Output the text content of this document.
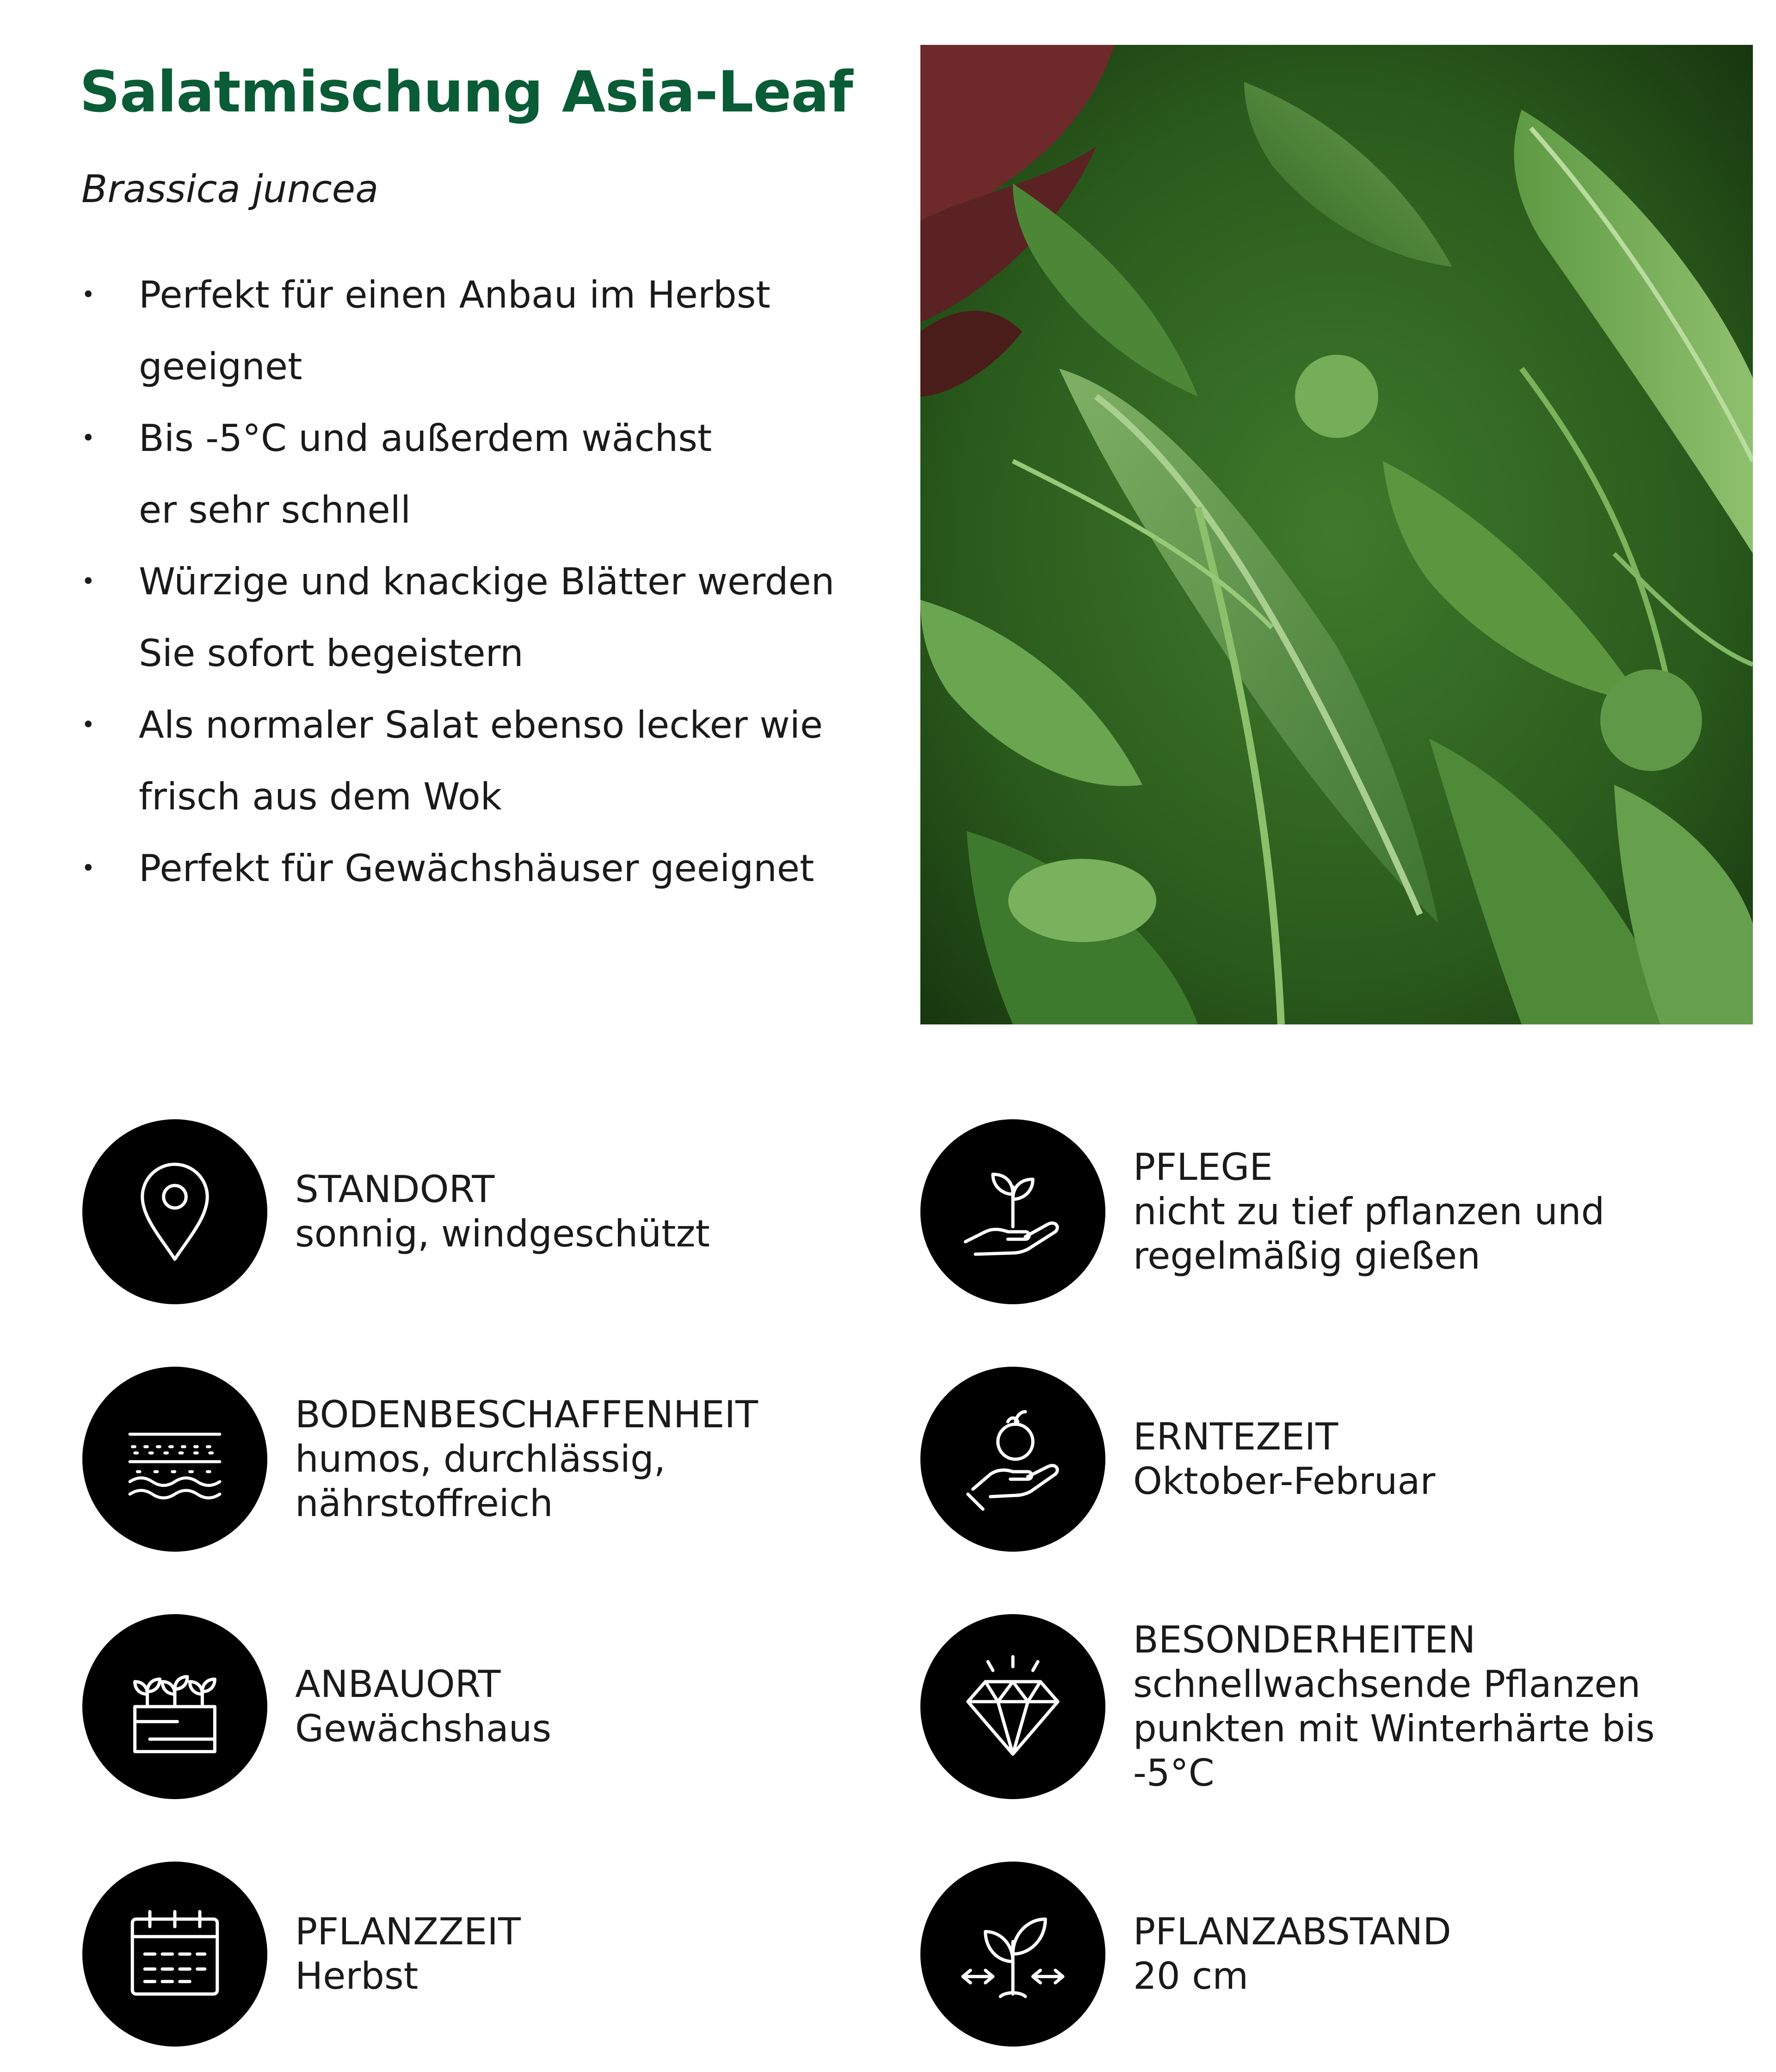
Salatmischung Asia-Leaf
Brassica juncea
• Perfekt für einen Anbau im Herbst geeignet
• Bis -5°C und außerdem wächst
er sehr schnell
• Würzige und knackige Blätter werden
Sie sofort begeistern
• Als normaler Salat ebenso lecker wie
frisch aus dem Wok
• Perfekt für Gewächshäuser geeignet
STANDORT
sonnig, windgeschützt
PFLEGE
nicht zu tief pflanzen und
regelmäßig gießen
BODENBESCHAFFENHEIT
humos, durchlässig,
nährstoffreich
ERNTEZEIT
Oktober-Februar
ANBAUORT
Gewächshaus
BESONDERHEITEN
schnellwachsende Pflanzen
punkten mit Winterhärte bis -5°C
PFLANZZEIT
Herbst
PFLANZABSTAND
20 cm
